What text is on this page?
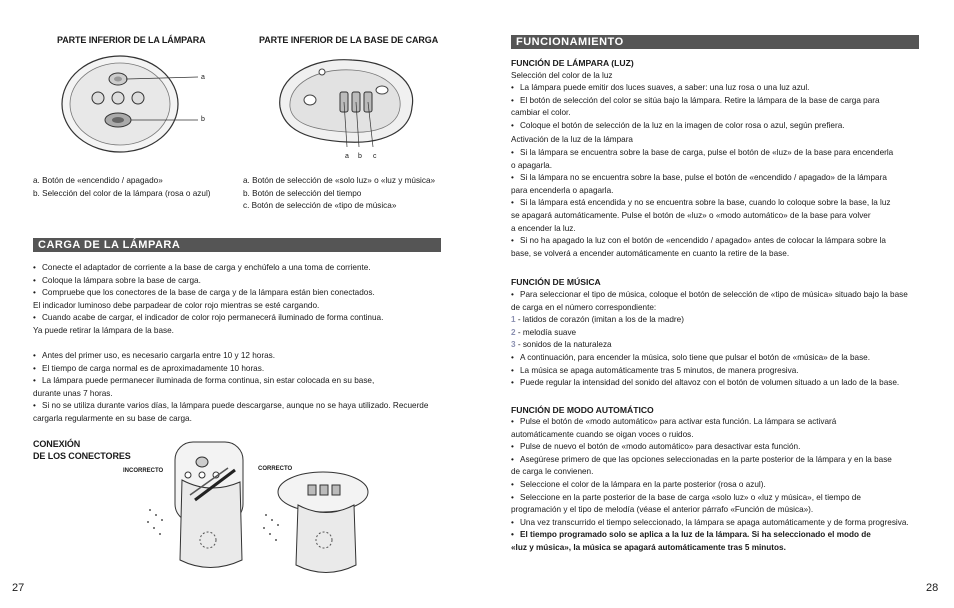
PARTE INFERIOR DE LA LÁMPARA	PARTE INFERIOR DE LA BASE DE CARGA
a
b
a b c
a. Botón de «encendido / apagado»
b. Selección del color de la lámpara (rosa o azul)
a. Botón de selección de «solo luz» o «luz y música»
b. Botón de selección del tiempo
c. Botón de selección de «tipo de música»
CARGA DE LA LÁMPARA
• Conecte el adaptador de corriente a la base de carga y enchúfelo a una toma de corriente.
• Coloque la lámpara sobre la base de carga.
• Compruebe que los conectores de la base de carga y de la lámpara están bien conectados.
El indicador luminoso debe parpadear de color rojo mientras se esté cargando.
• Cuando acabe de cargar, el indicador de color rojo permanecerá iluminado de forma continua.
Ya puede retirar la lámpara de la base.
• Antes del primer uso, es necesario cargarla entre 10 y 12 horas.
• El tiempo de carga normal es de aproximadamente 10 horas.
• La lámpara puede permanecer iluminada de forma continua, sin estar colocada en su base,
durante unas 7 horas.
• Si no se utiliza durante varios días, la lámpara puede descargarse, aunque no se haya utilizado. Recuerde
cargarla regularmente en su base de carga.
CONEXIÓN
DE LOS CONECTORES
INCORRECTO	CORRECTO
27
FUNCIONAMIENTO
FUNCIÓN DE LÁMPARA (LUZ)
Selección del color de la luz
• La lámpara puede emitir dos luces suaves, a saber: una luz rosa o una luz azul.
• El botón de selección del color se sitúa bajo la lámpara. Retire la lámpara de la base de carga para
cambiar el color.
• Coloque el botón de selección de la luz en la imagen de color rosa o azul, según prefiera.
Activación de la luz de la lámpara
• Si la lámpara se encuentra sobre la base de carga, pulse el botón de «luz» de la base para encenderla
o apagarla.
• Si la lámpara no se encuentra sobre la base, pulse el botón de «encendido / apagado» de la lámpara
para encenderla o apagarla.
• Si la lámpara está encendida y no se encuentra sobre la base, cuando lo coloque sobre la base, la luz
se apagará automáticamente. Pulse el botón de «luz» o «modo automático» de la base para volver
a encender la luz.
• Si no ha apagado la luz con el botón de «encendido / apagado» antes de colocar la lámpara sobre la
base, se volverá a encender automáticamente en cuanto la retire de la base.
FUNCIÓN DE MÚSICA
• Para seleccionar el tipo de música, coloque el botón de selección de «tipo de música» situado bajo la base
de carga en el número correspondiente:
1 - latidos de corazón (imitan a los de la madre)
2 - melodía suave
3 - sonidos de la naturaleza
• A continuación, para encender la música, solo tiene que pulsar el botón de «música» de la base.
• La música se apaga automáticamente tras 5 minutos, de manera progresiva.
• Puede regular la intensidad del sonido del altavoz con el botón de volumen situado a un lado de la base.
FUNCIÓN DE MODO AUTOMÁTICO
• Pulse el botón de «modo automático» para activar esta función. La lámpara se activará
automáticamente cuando se oigan voces o ruidos.
• Pulse de nuevo el botón de «modo automático» para desactivar esta función.
• Asegúrese primero de que las opciones seleccionadas en la parte posterior de la lámpara y en la base
de carga le convienen.
• Seleccione el color de la lámpara en la parte posterior (rosa o azul).
• Seleccione en la parte posterior de la base de carga «solo luz» o «luz y música», el tiempo de
programación y el tipo de melodía (véase el anterior párrafo «Función de música»).
• Una vez transcurrido el tiempo seleccionado, la lámpara se apaga automáticamente y de forma progresiva.
• El tiempo programado solo se aplica a la luz de la lámpara. Si ha seleccionado el modo de
«luz y música», la música se apagará automáticamente tras 5 minutos.
28
